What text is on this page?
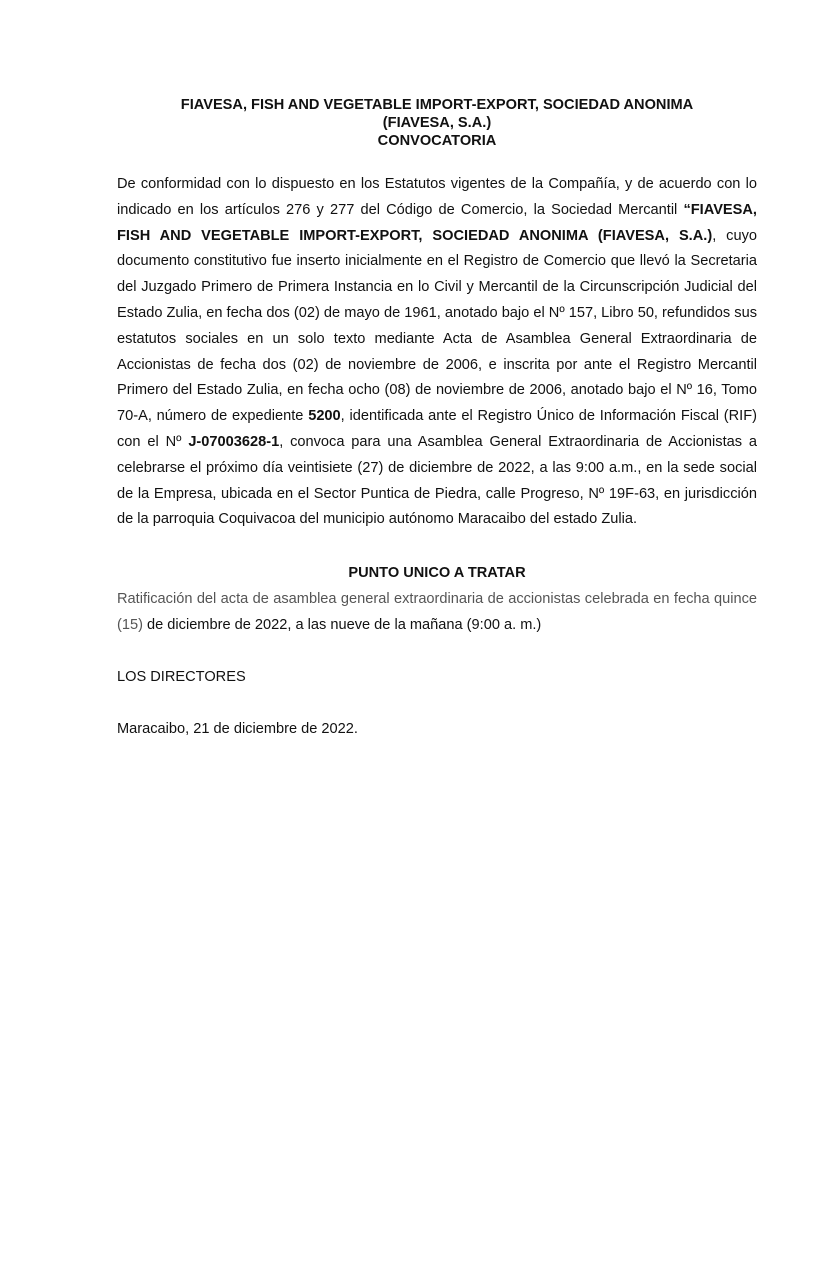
FIAVESA, FISH AND VEGETABLE IMPORT-EXPORT, SOCIEDAD ANONIMA
(FIAVESA, S.A.)
CONVOCATORIA

De conformidad con lo dispuesto en los Estatutos vigentes de la Compañía, y de acuerdo con lo indicado en los artículos 276 y 277 del Código de Comercio, la Sociedad Mercantil “FIAVESA, FISH AND VEGETABLE IMPORT-EXPORT, SOCIEDAD ANONIMA (FIAVESA, S.A.), cuyo documento constitutivo fue inserto inicialmente en el Registro de Comercio que llevó la Secretaria del Juzgado Primero de Primera Instancia en lo Civil y Mercantil de la Circunscripción Judicial del Estado Zulia, en fecha dos (02) de mayo de 1961, anotado bajo el Nº 157, Libro 50, refundidos sus estatutos sociales en un solo texto mediante Acta de Asamblea General Extraordinaria de Accionistas de fecha dos (02) de noviembre de 2006, e inscrita por ante el Registro Mercantil Primero del Estado Zulia, en fecha ocho (08) de noviembre de 2006, anotado bajo el Nº 16, Tomo 70-A, número de expediente 5200, identificada ante el Registro Único de Información Fiscal (RIF) con el Nº J-07003628-1, convoca para una Asamblea General Extraordinaria de Accionistas a celebrarse el próximo día veintisiete (27) de diciembre de 2022, a las 9:00 a.m., en la sede social de la Empresa, ubicada en el Sector Puntica de Piedra, calle Progreso, Nº 19F-63, en jurisdicción de la parroquia Coquivacoa del municipio autónomo Maracaibo del estado Zulia.

PUNTO UNICO A TRATAR

Ratificación del acta de asamblea general extraordinaria de accionistas celebrada en fecha quince (15) de diciembre de 2022, a las nueve de la mañana (9:00 a. m.)

LOS DIRECTORES
Maracaibo, 21 de diciembre de 2022.
